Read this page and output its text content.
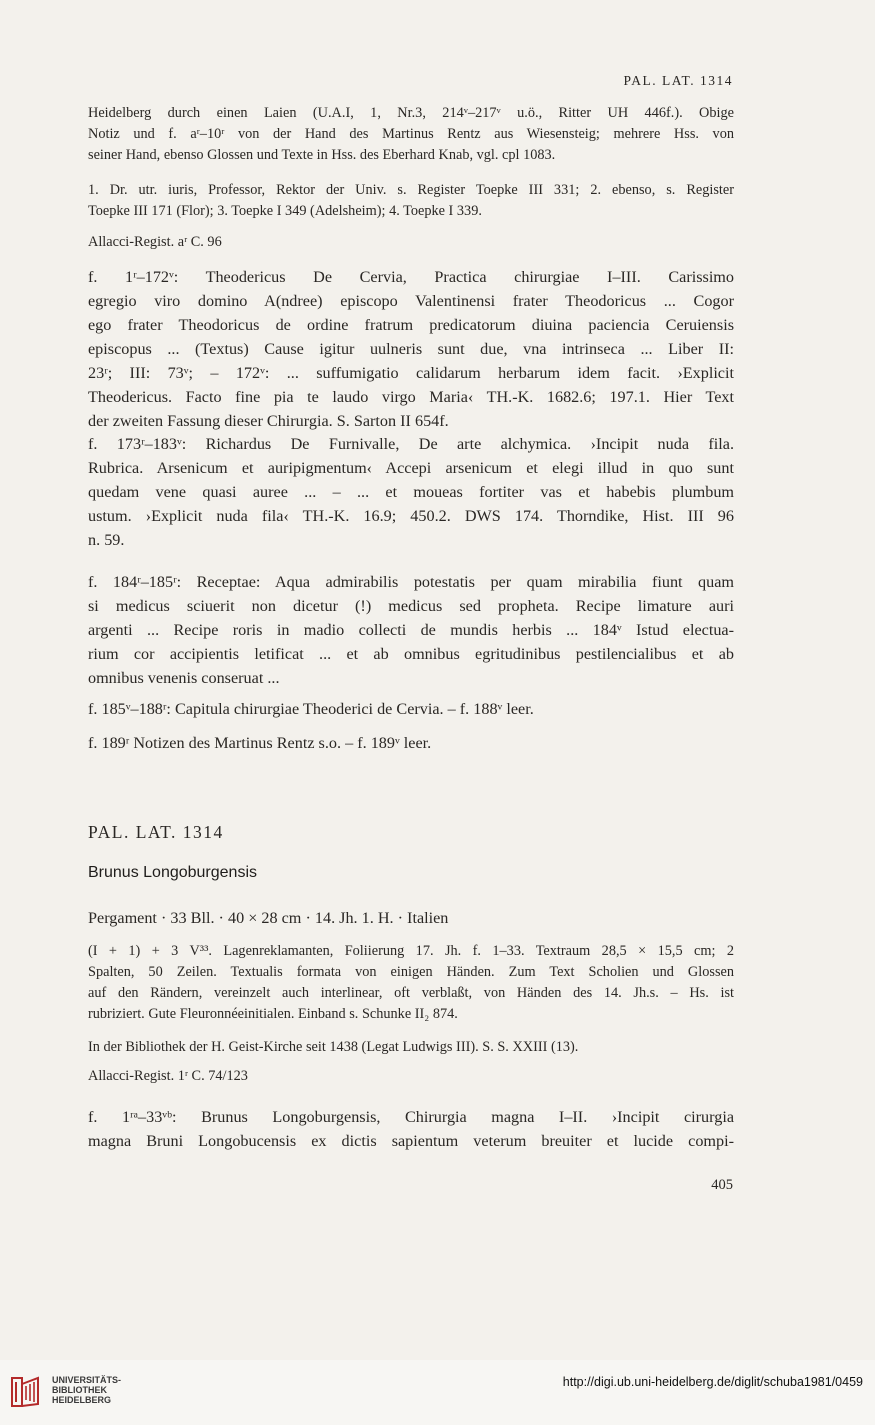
PAL. LAT. 1314
Heidelberg durch einen Laien (U.A.I, 1, Nr.3, 214ᵛ–217ᵛ u.ö., Ritter UH 446f.). Obige
Notiz und f. aʳ–10ʳ von der Hand des Martinus Rentz aus Wiesensteig; mehrere Hss. von
seiner Hand, ebenso Glossen und Texte in Hss. des Eberhard Knab, vgl. cpl 1083.
1. Dr. utr. iuris, Professor, Rektor der Univ. s. Register Toepke III 331; 2. ebenso, s. Register
Toepke III 171 (Flor); 3. Toepke I 349 (Adelsheim); 4. Toepke I 339.
Allacci-Regist. aʳ C. 96
f. 1ʳ–172ᵛ: Theodericus De Cervia, Practica chirurgiae I–III. Carissimo
egregio viro domino A(ndree) episcopo Valentinensi frater Theodoricus ... Cogor
ego frater Theodoricus de ordine fratrum predicatorum diuina paciencia Ceruiensis
episcopus ... (Textus) Cause igitur uulneris sunt due, vna intrinseca ... Liber II:
23ʳ; III: 73ᵛ; – 172ᵛ: ... suffumigatio calidarum herbarum idem facit. ›Explicit
Theodericus. Facto fine pia te laudo virgo Maria‹ TH.-K. 1682.6; 197.1. Hier Text
der zweiten Fassung dieser Chirurgia. S. Sarton II 654f.
f. 173ʳ–183ᵛ: Richardus De Furnivalle, De arte alchymica. ›Incipit nuda fila.
Rubrica. Arsenicum et auripigmentum‹ Accepi arsenicum et elegi illud in quo sunt
quedam vene quasi auree ... – ... et moueas fortiter vas et habebis plumbum
ustum. ›Explicit nuda fila‹ TH.-K. 16.9; 450.2. DWS 174. Thorndike, Hist. III 96
n. 59.
f. 184ʳ–185ʳ: Receptae: Aqua admirabilis potestatis per quam mirabilia fiunt quam
si medicus sciuerit non dicetur (!) medicus sed propheta. Recipe limature auri
argenti ... Recipe roris in madio collecti de mundis herbis ... 184ᵛ Istud electua-
rium cor accipientis letificat ... et ab omnibus egritudinibus pestilencialibus et ab
omnibus venenis conseruat ...
f. 185ᵛ–188ʳ: Capitula chirurgiae Theoderici de Cervia. – f. 188ᵛ leer.
f. 189ʳ Notizen des Martinus Rentz s.o. – f. 189ᵛ leer.
PAL. LAT. 1314
Brunus Longoburgensis
Pergament · 33 Bll. · 40 × 28 cm · 14. Jh. 1. H. · Italien
(I + 1) + 3 V³³. Lagenreklamanten, Foliierung 17. Jh. f. 1–33. Textraum 28,5 × 15,5 cm; 2
Spalten, 50 Zeilen. Textualis formata von einigen Händen. Zum Text Scholien und Glossen
auf den Rändern, vereinzelt auch interlinear, oft verblaßt, von Händen des 14. Jh.s. – Hs. ist
rubriziert. Gute Fleuronnéeinitialen. Einband s. Schunke II₂ 874.
In der Bibliothek der H. Geist-Kirche seit 1438 (Legat Ludwigs III). S. S. XXIII (13).
Allacci-Regist. 1ʳ C. 74/123
f. 1ʳᵃ–33ᵛᵇ: Brunus Longoburgensis, Chirurgia magna I–II. ›Incipit cirurgia
magna Bruni Longobucensis ex dictis sapientum veterum breuiter et lucide compi-
405
UNIVERSITÄTS-
BIBLIOTHEK
HEIDELBERG
http://digi.ub.uni-heidelberg.de/diglit/schuba1981/0459
